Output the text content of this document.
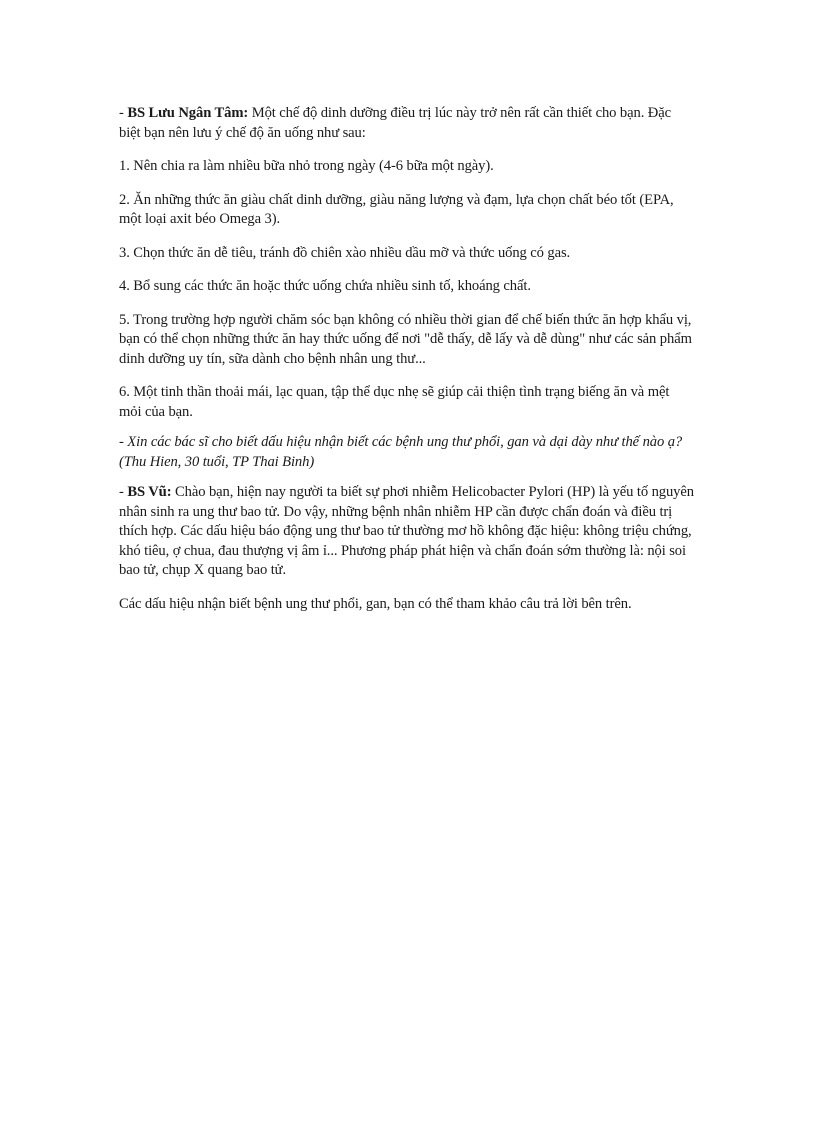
- BS Lưu Ngân Tâm: Một chế độ dinh dưỡng điều trị lúc này trở nên rất cần thiết cho bạn. Đặc biệt bạn nên lưu ý chế độ ăn uống như sau:

1. Nên chia ra làm nhiều bữa nhỏ trong ngày (4-6 bữa một ngày).

2. Ăn những thức ăn giàu chất dinh dưỡng, giàu năng lượng và đạm, lựa chọn chất béo tốt (EPA, một loại axit béo Omega 3).

3. Chọn thức ăn dễ tiêu, tránh đồ chiên xào nhiều dầu mỡ và thức uống có gas.

4. Bổ sung các thức ăn hoặc thức uống chứa nhiều sinh tố, khoáng chất.

5. Trong trường hợp người chăm sóc bạn không có nhiều thời gian để chế biến thức ăn hợp khẩu vị, bạn có thể chọn những thức ăn hay thức uống để nơi "dễ thấy, dễ lấy và dễ dùng" như các sản phẩm dinh dưỡng uy tín, sữa dành cho bệnh nhân ung thư...

6. Một tinh thần thoải mái, lạc quan, tập thể dục nhẹ sẽ giúp cải thiện tình trạng biếng ăn và mệt mỏi của bạn.

- Xin các bác sĩ cho biết dấu hiệu nhận biết các bệnh ung thư phổi, gan và dại dày như thế nào ạ? (Thu Hien, 30 tuổi, TP Thai Binh)

- BS Vũ: Chào bạn, hiện nay người ta biết sự phơi nhiễm Helicobacter Pylori (HP) là yếu tố nguyên nhân sinh ra ung thư bao tử. Do vậy, những bệnh nhân nhiễm HP cần được chẩn đoán và điều trị thích hợp. Các dấu hiệu báo động ung thư bao tử thường mơ hồ không đặc hiệu: không triệu chứng, khó tiêu, ợ chua, đau thượng vị âm ỉ... Phương pháp phát hiện và chẩn đoán sớm thường là: nội soi bao tử, chụp X quang bao tử.

Các dấu hiệu nhận biết bệnh ung thư phổi, gan, bạn có thể tham khảo câu trả lời bên trên.
